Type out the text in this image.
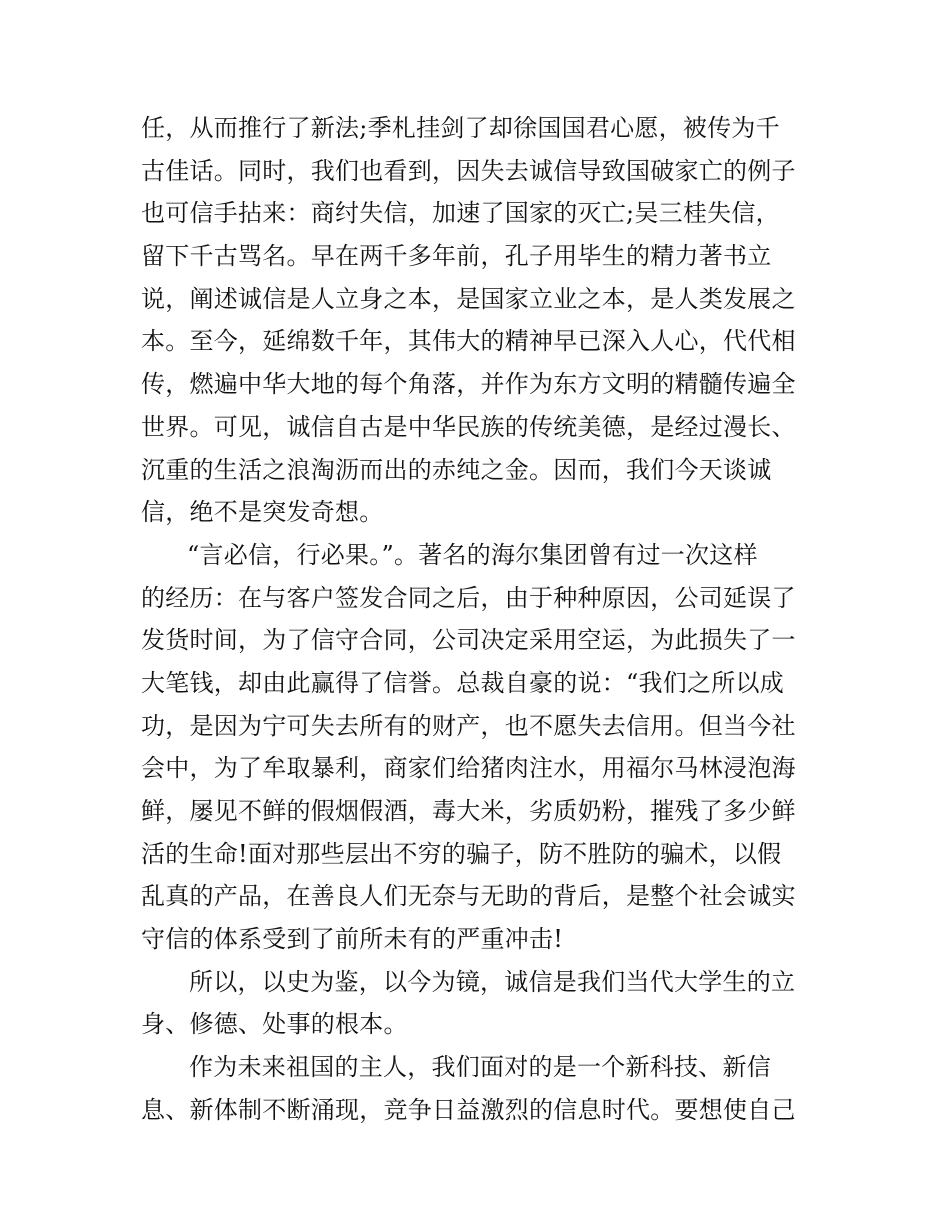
任，从而推行了新法;季札挂剑了却徐国国君心愿，被传为千
古佳话。同时，我们也看到，因失去诚信导致国破家亡的例子
也可信手拈来：商纣失信，加速了国家的灭亡;吴三桂失信，
留下千古骂名。早在两千多年前，孔子用毕生的精力著书立
说，阐述诚信是人立身之本，是国家立业之本，是人类发展之
本。至今，延绵数千年，其伟大的精神早已深入人心，代代相
传，燃遍中华大地的每个角落，并作为东方文明的精髓传遍全
世界。可见，诚信自古是中华民族的传统美德，是经过漫长、
沉重的生活之浪淘沥而出的赤纯之金。因而，我们今天谈诚
信，绝不是突发奇想。

“言必信，行必果。”。著名的海尔集团曾有过一次这样
的经历：在与客户签发合同之后，由于种种原因，公司延误了
发货时间，为了信守合同，公司决定采用空运，为此损失了一
大笔钱，却由此赢得了信誉。总裁自豪的说：“我们之所以成
功，是因为宁可失去所有的财产，也不愿失去信用。但当今社
会中，为了牟取暴利，商家们给猪肉注水，用福尔马林浸泡海
鲜，屡见不鲜的假烟假酒，毒大米，劣质奶粉，摧残了多少鲜
活的生命!面对那些层出不穷的骗子，防不胜防的骗术，以假
乱真的产品，在善良人们无奈与无助的背后，是整个社会诚实
守信的体系受到了前所未有的严重冲击!

所以，以史为鉴，以今为镜，诚信是我们当代大学生的立
身、修德、处事的根本。

作为未来祖国的主人，我们面对的是一个新科技、新信
息、新体制不断涌现，竞争日益激烈的信息时代。要想使自己
